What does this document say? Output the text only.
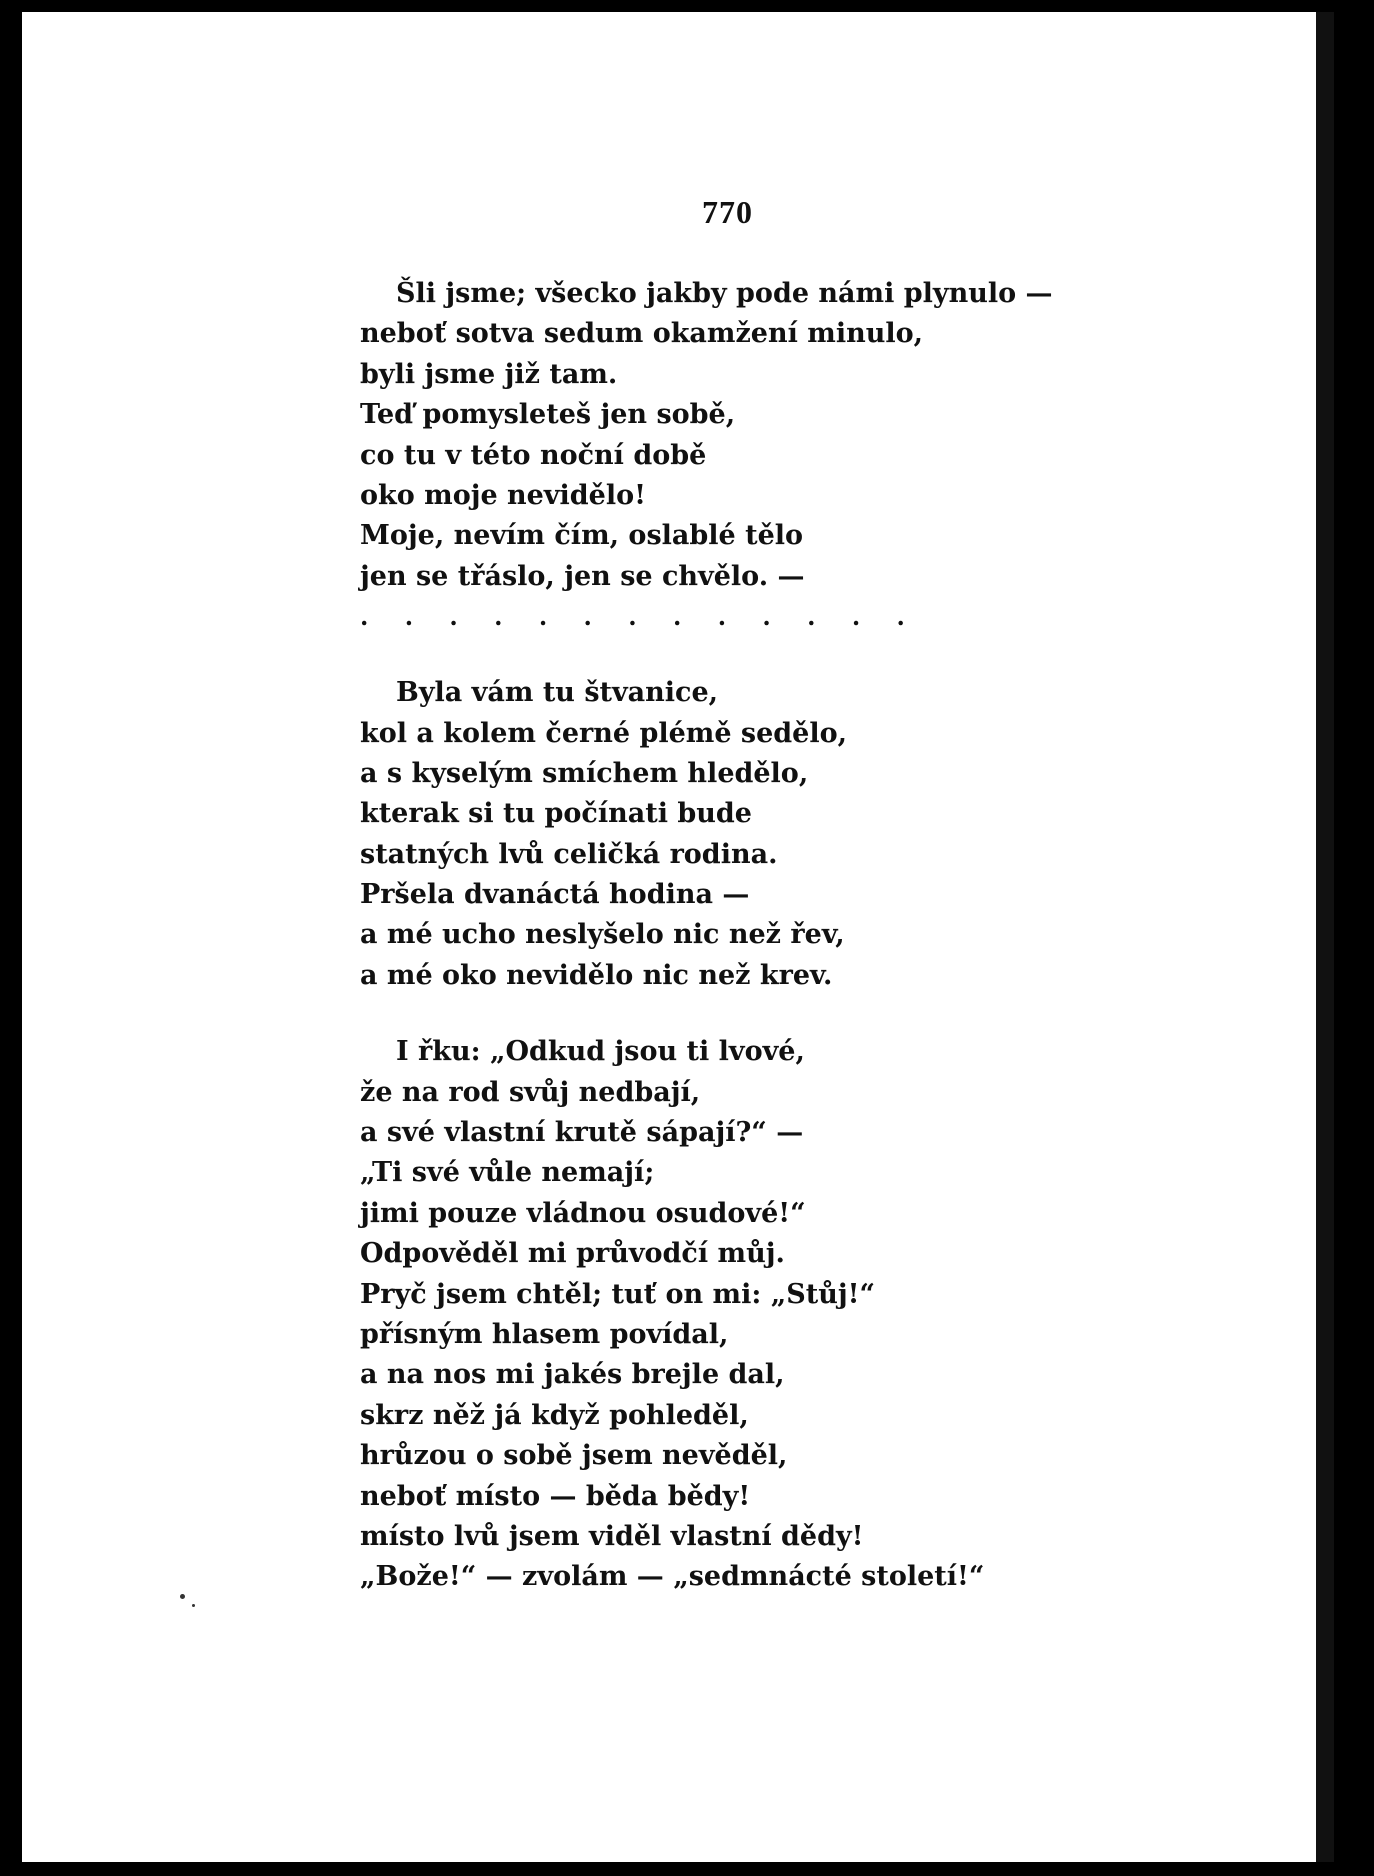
770
Šli jsme; všecko jakby pode námi plynulo —
neboť sotva sedum okamžení minulo,
byli jsme již tam.
Teď pomysleteš jen sobě,
co tu v této noční době
oko moje nevidělo!
Moje, nevím čím, oslablé tělo
jen se třáslo, jen se chvělo. —
. . . . . . . . . . . . .
Byla vám tu štvanice,
kol a kolem černé plémě sedělo,
a s kyselým smíchem hledělo,
kterak si tu počínati bude
statných lvů celičká rodina.
Pršela dvanáctá hodina —
a mé ucho neslyšelo nic než řev,
a mé oko nevidělo nic než krev.
I řku: „Odkud jsou ti lvové,
že na rod svůj nedbají,
a své vlastní krutě sápají?“ —
„Ti své vůle nemají;
jimi pouze vládnou osudové!“
Odpověděl mi průvodčí můj.
Pryč jsem chtěl; tuť on mi: „Stůj!“
přísným hlasem povídal,
a na nos mi jakés brejle dal,
skrz něž já když pohleděl,
hrůzou o sobě jsem nevěděl,
neboť místo — běda bědy!
místo lvů jsem viděl vlastní dědy!
„Bože!“ — zvolám — „sedmnácté století!“
